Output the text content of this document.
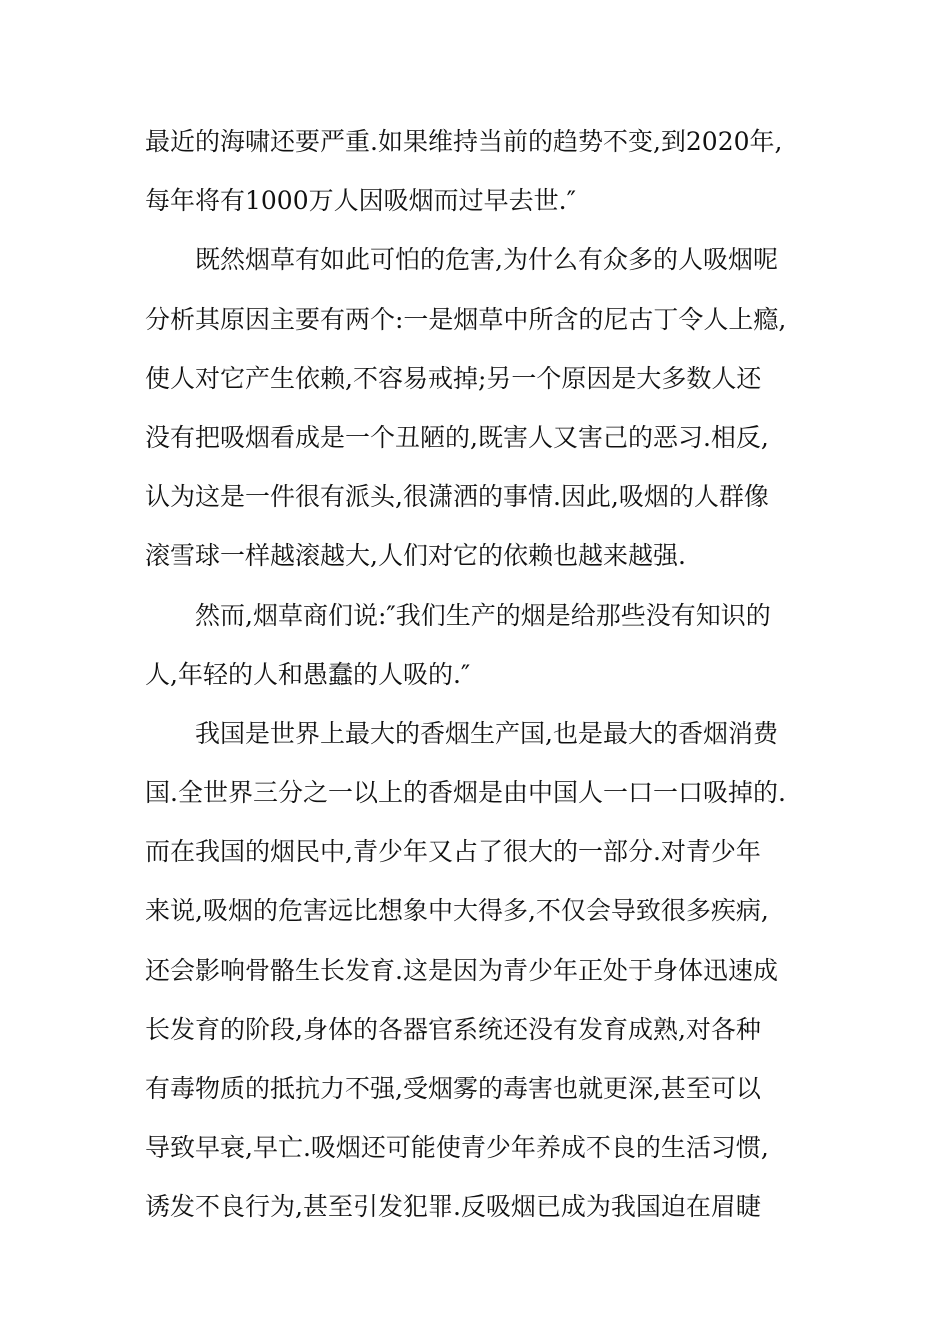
最近的海啸还要严重.如果维持当前的趋势不变,到2020年,
每年将有1000万人因吸烟而过早去世.″
既然烟草有如此可怕的危害,为什么有众多的人吸烟呢
分析其原因主要有两个:一是烟草中所含的尼古丁令人上瘾,
使人对它产生依赖,不容易戒掉;另一个原因是大多数人还
没有把吸烟看成是一个丑陋的,既害人又害己的恶习.相反,
认为这是一件很有派头,很潇洒的事情.因此,吸烟的人群像
滚雪球一样越滚越大,人们对它的依赖也越来越强.
然而,烟草商们说:″我们生产的烟是给那些没有知识的
人,年轻的人和愚蠢的人吸的.″
我国是世界上最大的香烟生产国,也是最大的香烟消费
国.全世界三分之一以上的香烟是由中国人一口一口吸掉的.
而在我国的烟民中,青少年又占了很大的一部分.对青少年
来说,吸烟的危害远比想象中大得多,不仅会导致很多疾病,
还会影响骨骼生长发育.这是因为青少年正处于身体迅速成
长发育的阶段,身体的各器官系统还没有发育成熟,对各种
有毒物质的抵抗力不强,受烟雾的毒害也就更深,甚至可以
导致早衰,早亡.吸烟还可能使青少年养成不良的生活习惯,
诱发不良行为,甚至引发犯罪.反吸烟已成为我国迫在眉睫
